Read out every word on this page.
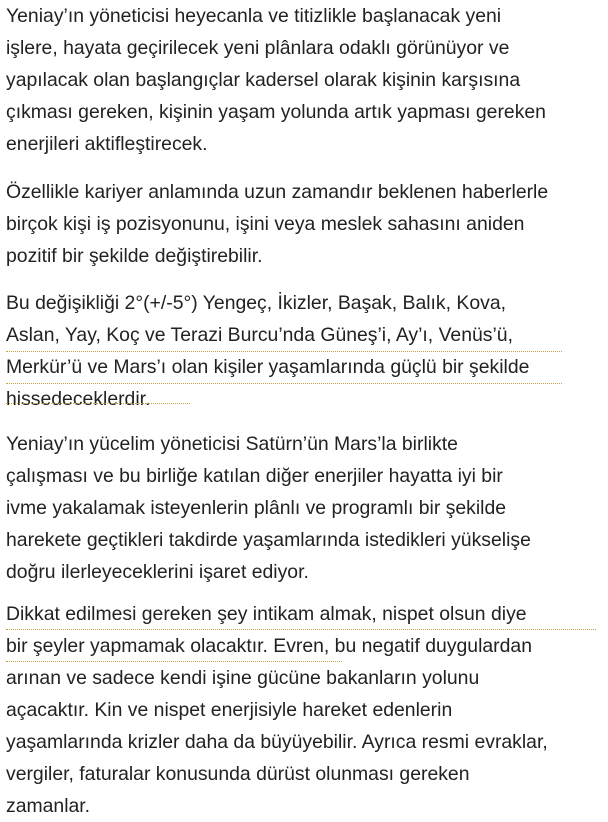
Yeniay’ın yöneticisi heyecanla ve titizlikle başlanacak yeni
işlere, hayata geçirilecek yeni plânlara odaklı görünüyor ve
yapılacak olan başlangıçlar kadersel olarak kişinin karşısına
çıkması gereken, kişinin yaşam yolunda artık yapması gereken
enerjileri aktifleştirecek.

Özellikle kariyer anlamında uzun zamandır beklenen haberlerle
birçok kişi iş pozisyonunu, işini veya meslek sahasını aniden
pozitif bir şekilde değiştirebilir.

Bu değişikliği 2°(+/-5°) Yengeç, İkizler, Başak, Balık, Kova,
Aslan, Yay, Koç ve Terazi Burcu’nda Güneş’i, Ay’ı, Venüs’ü,
Merkür’ü ve Mars’ı olan kişiler yaşamlarında güçlü bir şekilde
hissedeceklerdir.

Yeniay’ın yücelim yöneticisi Satürn’ün Mars’la birlikte
çalışması ve bu birliğe katılan diğer enerjiler hayatta iyi bir
ivme yakalamak isteyenlerin plânlı ve programlı bir şekilde
harekete geçtikleri takdirde yaşamlarında istedikleri yükselişe
doğru ilerleyeceklerini işaret ediyor.

Dikkat edilmesi gereken şey intikam almak, nispet olsun diye
bir şeyler yapmamak olacaktır. Evren, bu negatif duygulardan
arınan ve sadece kendi işine gücüne bakanların yolunu
açacaktır. Kin ve nispet enerjisiyle hareket edenlerin
yaşamlarında krizler daha da büyüyebilir. Ayrıca resmi evraklar,
vergiler, faturalar konusunda dürüst olunması gereken
zamanlar.
